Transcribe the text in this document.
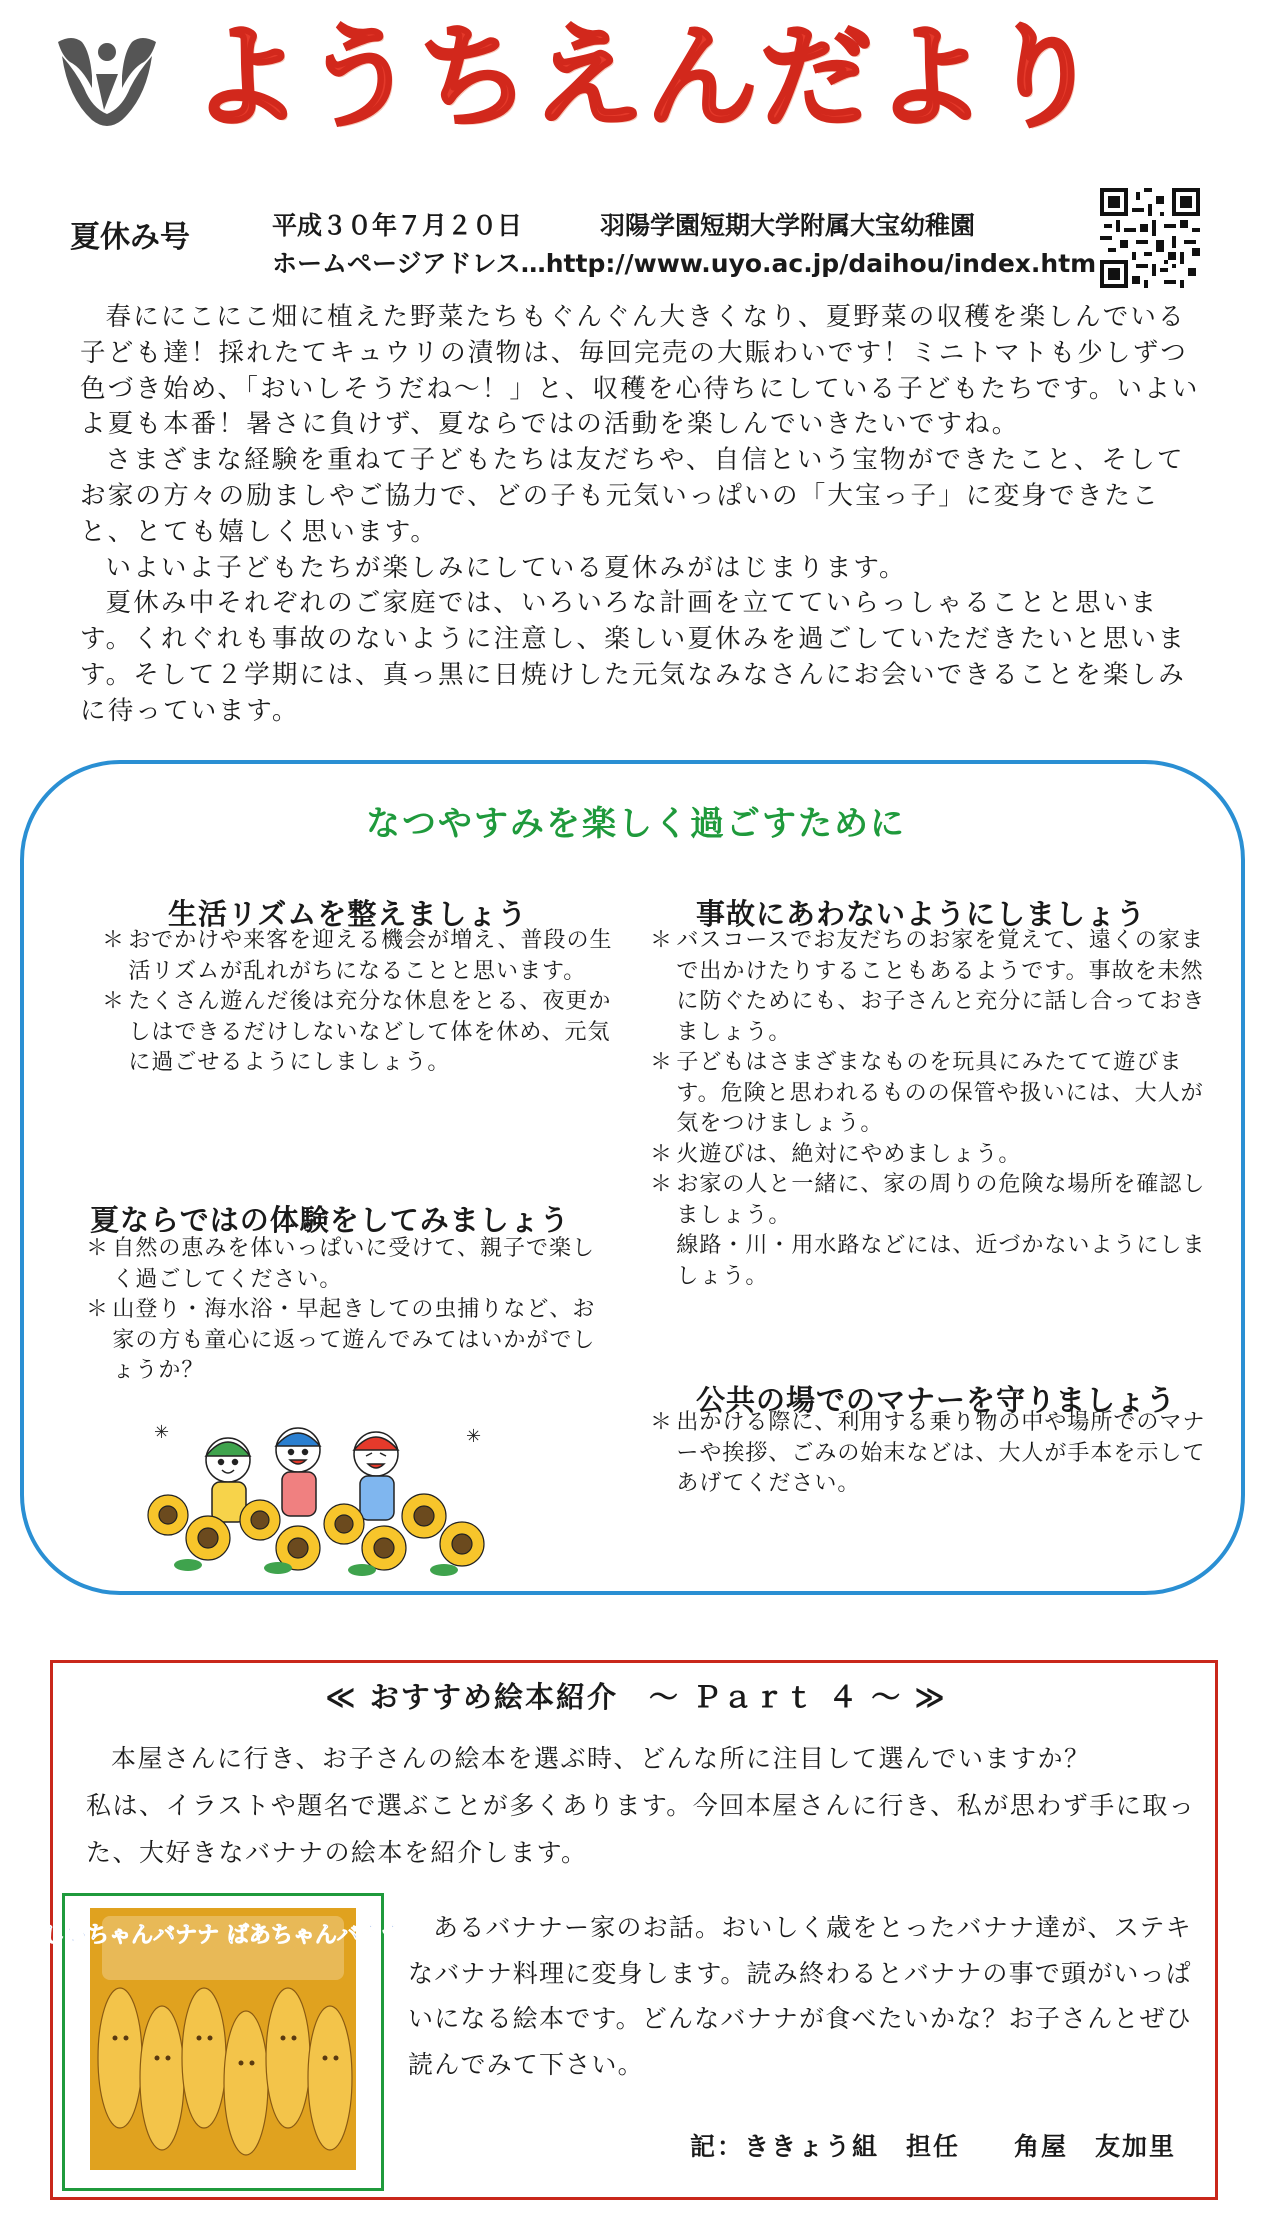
ようちえんだより
夏休み号	平成３０年７月２０日	羽陽学園短期大学附属大宝幼稚園
ホームページアドレス…http://www.uyo.ac.jp/daihou/index.htm

春ににこにこ畑に植えた野菜たちもぐんぐん大きくなり、夏野菜の収穫を楽しんでいる子ども達！採れたてキュウリの漬物は、毎回完売の大賑わいです！ミニトマトも少しずつ色づき始め、「おいしそうだね～！」と、収穫を心待ちにしている子どもたちです。いよいよ夏も本番！暑さに負けず、夏ならではの活動を楽しんでいきたいですね。

さまざまな経験を重ねて子どもたちは友だちや、自信という宝物ができたこと、そしてお家の方々の励ましやご協力で、どの子も元気いっぱいの「大宝っ子」に変身できたこと、とても嬉しく思います。

いよいよ子どもたちが楽しみにしている夏休みがはじまります。

夏休み中それぞれのご家庭では、いろいろな計画を立てていらっしゃることと思います。くれぐれも事故のないように注意し、楽しい夏休みを過ごしていただきたいと思います。そして２学期には、真っ黒に日焼けした元気なみなさんにお会いできることを楽しみに待っています。

なつやすみを楽しく過ごすために
生活リズムを整えましょう

＊ おでかけや来客を迎える機会が増え、普段の生活リズムが乱れがちになることと思います。

＊ たくさん遊んだ後は充分な休息をとる、夜更かしはできるだけしないなどして体を休め、元気に過ごせるようにしましょう。

夏ならではの体験をしてみましょう

＊ 自然の恵みを体いっぱいに受けて、親子で楽しく過ごしてください。

＊ 山登り・海水浴・早起きしての虫捕りなど、お家の方も童心に返って遊んでみてはいかがでしょうか？

事故にあわないようにしましょう

＊ バスコースでお友だちのお家を覚えて、遠くの家まで出かけたりすることもあるようです。事故を未然に防ぐためにも、お子さんと充分に話し合っておきましょう。

＊ 子どもはさまざまなものを玩具にみたてて遊びます。危険と思われるものの保管や扱いには、大人が気をつけましょう。

＊ 火遊びは、絶対にやめましょう。

＊ お家の人と一緒に、家の周りの危険な場所を確認しましょう。

線路・川・用水路などには、近づかないようにしましょう。

公共の場でのマナーを守りましょう

＊ 出かける際に、利用する乗り物の中や場所でのマナーや挨拶、ごみの始末などは、大人が手本を示してあげてください。

✳	✳
≪ おすすめ絵本紹介　～ Ｐａｒｔ ４ ～ ≫

本屋さんに行き、お子さんの絵本を選ぶ時、どんな所に注目して選んでいますか？

私は、イラストや題名で選ぶことが多くあります。今回本屋さんに行き、私が思わず手に取った、大好きなバナナの絵本を紹介します。

じいちゃんバナナ ばあちゃんバナナ	あるバナナー家のお話。おいしく歳をとったバナナ達が、ステキなバナナ料理に変身します。読み終わるとバナナの事で頭がいっぱいになる絵本です。どんなバナナが食べたいかな？お子さんとぜひ読んでみて下さい。

記：ききょう組　担任　　角屋　友加里
